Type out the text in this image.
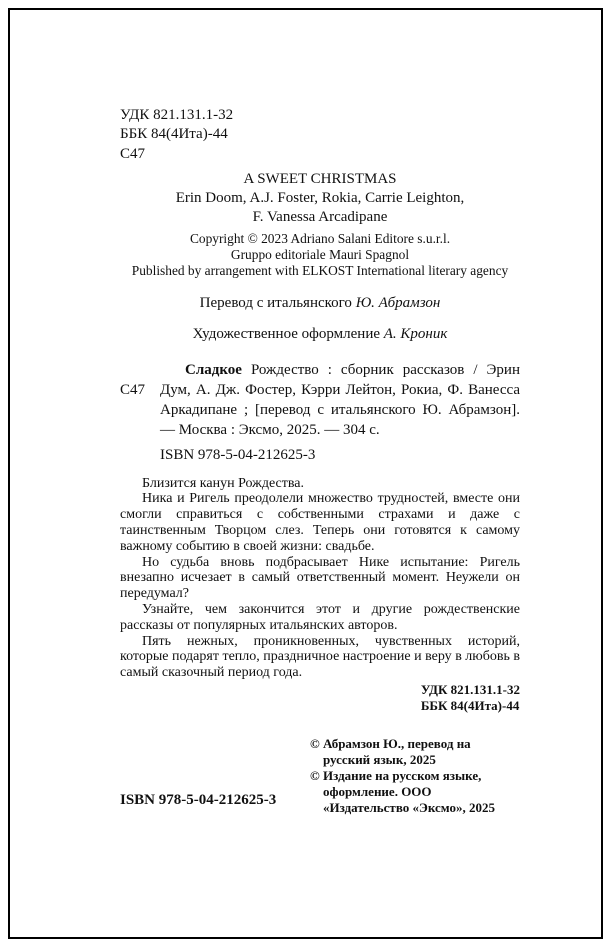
УДК 821.131.1-32
ББК 84(4Ита)-44
С47
A SWEET CHRISTMAS
Erin Doom, A.J. Foster, Rokia, Carrie Leighton,
F. Vanessa Arcadipane
Copyright © 2023 Adriano Salani Editore s.u.r.l.
Gruppo editoriale Mauri Spagnol
Published by arrangement with ELKOST International literary agency
Перевод с итальянского Ю. Абрамзон
Художественное оформление А. Кроник
С47
Сладкое Рождество : сборник рассказов / Эрин Дум, А. Дж. Фостер, Кэрри Лейтон, Рокиа, Ф. Ванесса Аркадипане ; [перевод с итальянского Ю. Абрамзон]. — Москва : Эксмо, 2025. — 304 с.
ISBN 978-5-04-212625-3

Близится канун Рождества.

Ника и Ригель преодолели множество трудностей, вместе они смогли справиться с собственными страхами и даже с таинственным Творцом слез. Теперь они готовятся к самому важному событию в своей жизни: свадьбе.

Но судьба вновь подбрасывает Нике испытание: Ригель внезапно исчезает в самый ответственный момент. Неужели он передумал?

Узнайте, чем закончится этот и другие рождественские рассказы от популярных итальянских авторов.

Пять нежных, проникновенных, чувственных историй, которые подарят тепло, праздничное настроение и веру в любовь в самый сказочный период года.

УДК 821.131.1-32
ББК 84(4Ита)-44
ISBN 978-5-04-212625-3
© Абрамзон Ю., перевод на русский язык, 2025
© Издание на русском языке, оформление. ООО «Издательство «Эксмо», 2025
